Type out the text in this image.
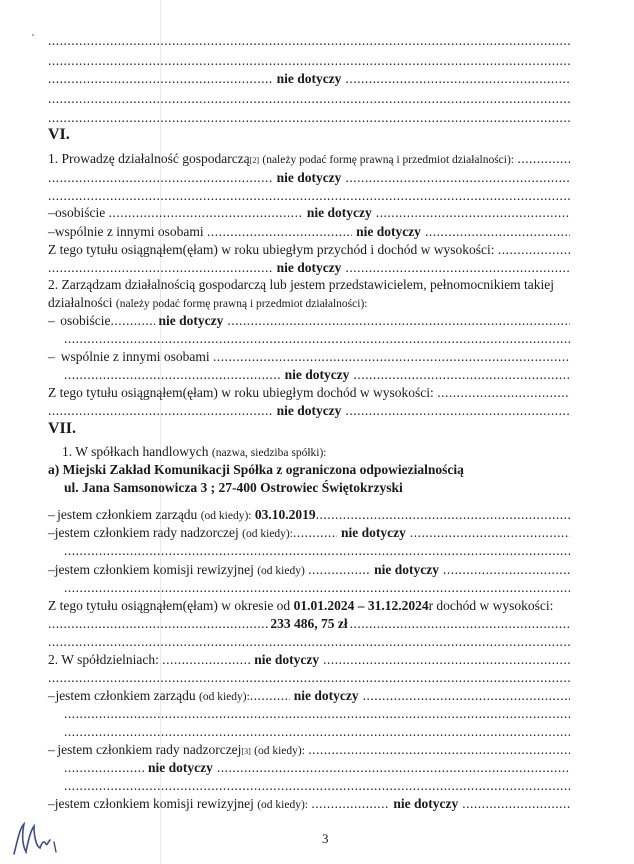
.....
.....
.....
nie dotyczy
.....
.....
.....
VI.
1. Prowadzę działalność gospodarczą [2]
(należy podać formę prawną i przedmiot działalności):

.....
.....
nie dotyczy
.....
.....
– osobiście
.....	nie dotyczy
.....
– wspólnie z innymi osobami
.....	nie dotyczy
.....
Z tego tytułu osiągnąłem(ęłam) w roku ubiegłym przychód i dochód w wysokości:

.....
.....
nie dotyczy
.....
2. Zarządzam działalnością gospodarczą lub jestem przedstawicielem, pełnomocnikiem takiej
działalności
(należy podać formę prawną i przedmiot działalności):
– osobiście .....	nie dotyczy
.....
.....
– wspólnie z innymi osobami

.....
.....
nie dotyczy
.....
Z tego tytułu osiągnąłem(ęłam) w roku ubiegłym dochód w wysokości:

.....
.....
nie dotyczy
.....
VII.
1. W spółkach handlowych
(nazwa, siedziba spółki):
a) Miejski Zakład Komunikacji Spółka z ograniczona odpowiezialnością
ul. Jana Samsonowicza 3 ; 27-400 Ostrowiec Świętokrzyski
– jestem członkiem zarządu
(od kiedy):
03.10.2019
.....
– jestem członkiem rady nadzorczej
(od kiedy): .....	nie dotyczy
.....
.....
– jestem członkiem komisji rewizyjnej
(od kiedy)
.....	nie dotyczy
.....
.....
Z tego tytułu osiągnąłem(ęłam) w okresie od
01.01.2024 – 31.12.2024 r dochód w wysokości:
.....
233 486, 75 zł
.....
.....
2. W spółdzielniach:
.....	nie dotyczy
.....
.....
– jestem członkiem zarządu
(od kiedy): .....	nie dotyczy
.....
.....
.....
– jestem członkiem rady nadzorczej [3]
(od kiedy):

.....
.....
nie dotyczy
.....
.....
– jestem członkiem komisji rewizyjnej
(od kiedy):
.....	nie dotyczy
.....
3
